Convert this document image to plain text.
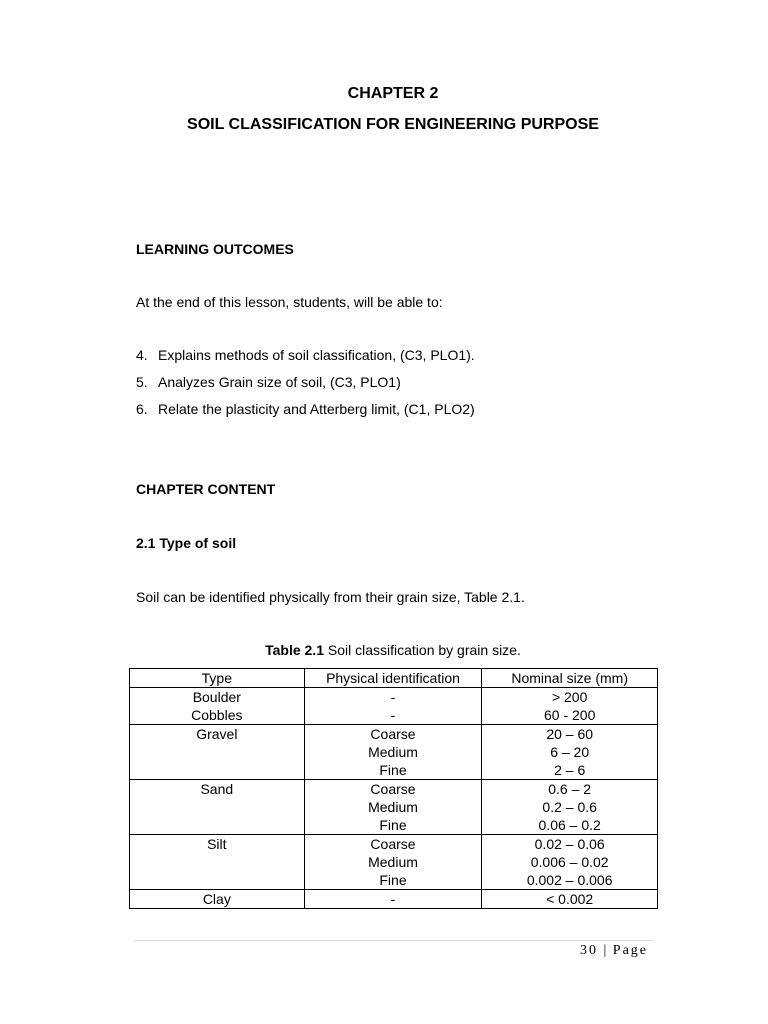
CHAPTER 2
SOIL CLASSIFICATION FOR ENGINEERING PURPOSE
LEARNING OUTCOMES
At the end of this lesson, students, will be able to:
4. Explains methods of soil classification, (C3, PLO1).
5. Analyzes Grain size of soil, (C3, PLO1)
6. Relate the plasticity and Atterberg limit, (C1, PLO2)
CHAPTER CONTENT
2.1 Type of soil
Soil can be identified physically from their grain size, Table 2.1.
Table 2.1 Soil classification by grain size.
Type	Physical identification	Nominal size (mm)
Boulder	-	> 200
Cobbles	-	60 - 200
Gravel	Coarse	20 – 60
	Medium	6 – 20
	Fine	2 – 6
Sand	Coarse	0.6 – 2
	Medium	0.2 – 0.6
	Fine	0.06 – 0.2
Silt	Coarse	0.02 – 0.06
	Medium	0.006 – 0.02
	Fine	0.002 – 0.006
Clay	-	< 0.002
30 | Page
